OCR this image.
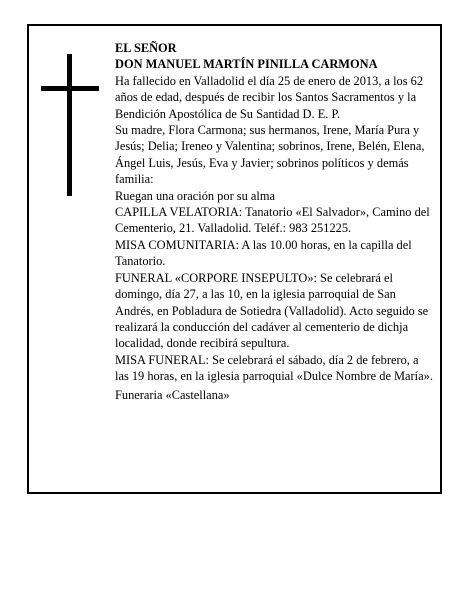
EL SEÑOR

DON MANUEL MARTÍN PINILLA CARMONA

Ha fallecido en Valladolid el día 25 de enero de 2013, a los 62 años de edad, después de recibir los Santos Sacramentos y la Bendición Apostólica de Su Santidad D. E. P.

Su madre, Flora Carmona; sus hermanos, Irene, María Pura y Jesús; Delia; Ireneo y Valentina; sobrinos, Irene, Belén, Elena, Ángel Luis, Jesús, Eva y Javier; sobrinos políticos y demás familia:

Ruegan una oración por su alma

CAPILLA VELATORIA: Tanatorio «El Salvador», Camino del Cementerio, 21. Valladolid. Teléf.: 983 251225.

MISA COMUNITARIA: A las 10.00 horas, en la capilla del Tanatorio.

FUNERAL «CORPORE INSEPULTO»: Se celebrará el domingo, día 27, a las 10, en la iglesia parroquial de San Andrés, en Pobladura de Sotiedra (Valladolid). Acto seguido se realizará la conducción del cadáver al cementerio de dichja localidad, donde recibirá sepultura.

MISA FUNERAL: Se celebrará el sábado, día 2 de febrero, a las 19 horas, en la iglesia parroquial «Dulce Nombre de María».

Funeraria «Castellana»
